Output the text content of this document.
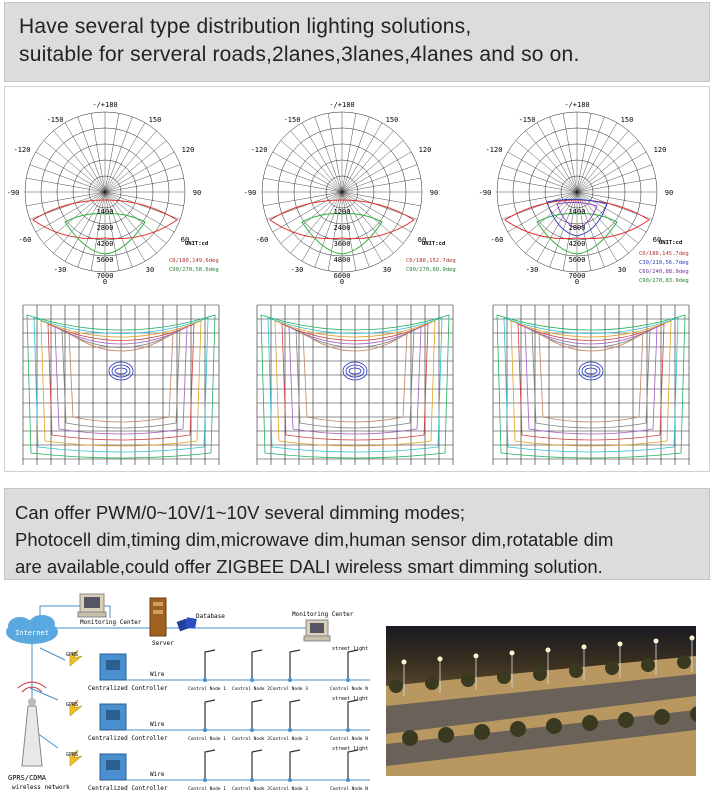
Have several type distribution lighting solutions,

suitable for serveral roads,2lanes,3lanes,4lanes and so on.

-/+180
-150	150
-120	120
-90	90
-60	60
-30	30
0
1400
2800
4200
5600
7000
UNIT:cd
C0/180,149.6deg
C90/270,58.6deg
-/+180
-150	150
-120	120
-90	90
-60	60
-30	30
0
1200
2400
3600
4800
6000
UNIT:cd
C0/180,152.7deg
C90/270,60.9deg
-/+180
-150	150
-120	120
-90	90
-60	60
-30	30
0
1400
2800
4200
5600
7000
UNIT:cd
C0/180,145.7deg
C30/210,56.7deg
C60/240,88.9deg
C90/270,83.9deg

Can offer PWM/0~10V/1~10V several dimming modes;

Photocell dim,timing dim,microwave dim,human sensor dim,rotatable dim

are available,could offer ZIGBEE DALI wireless smart dimming solution.

Internet
Monitoring Center
Server
Database	Monitoring Center
GPRS/CDMA
wireless network
GPRS
Centralized Controller
Wire
street light
Control Node 1 Control Node 2 Control Node 3	Control Node N
GPRS
Centralized Controller
Wire
street light
Control Node 1 Control Node 2 Control Node 3	Control Node N
GPRS
Centralized Controller
Wire
street light
Control Node 1 Control Node 2 Control Node 3	Control Node N
